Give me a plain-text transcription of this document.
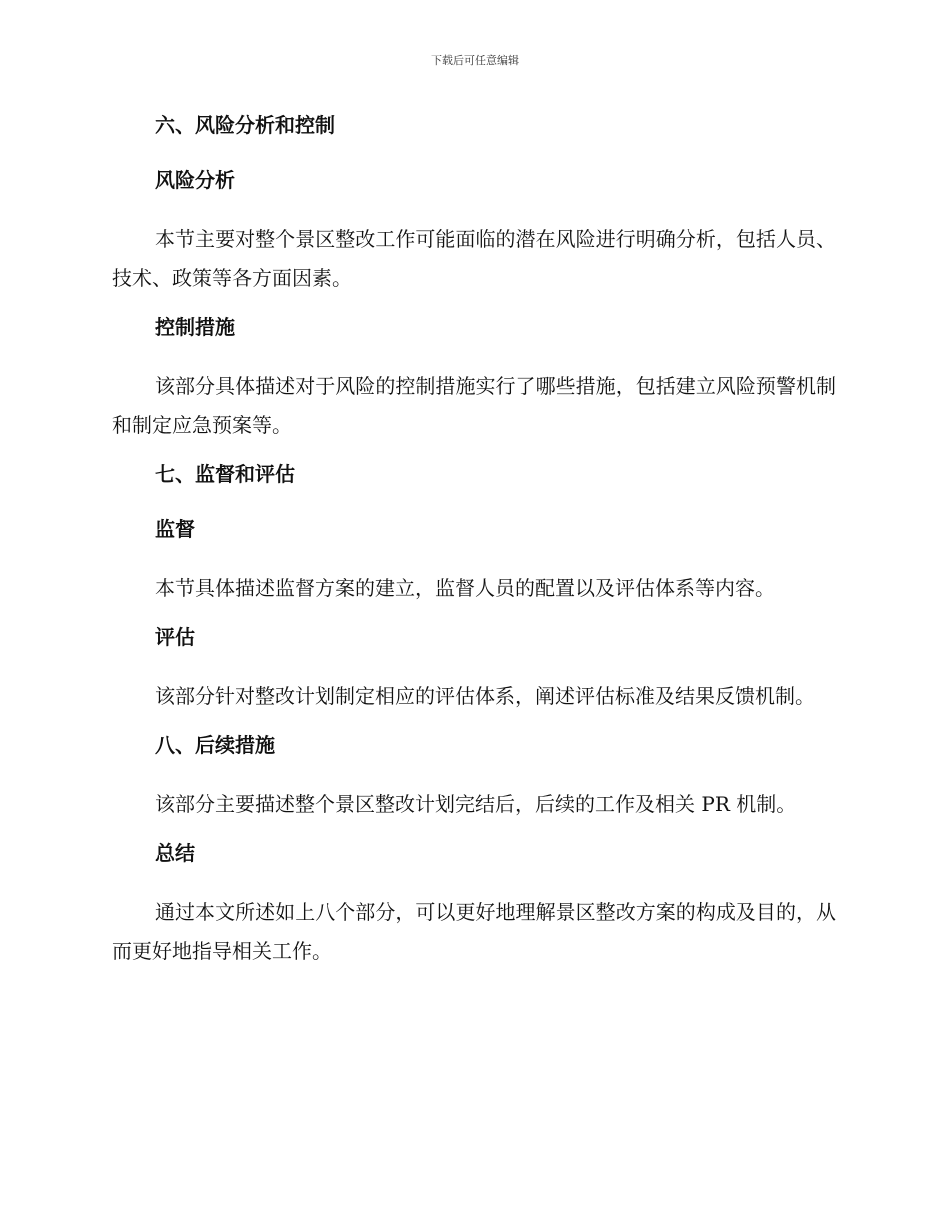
下载后可任意编辑
六、风险分析和控制
风险分析
本节主要对整个景区整改工作可能面临的潜在风险进行明确分析，包括人员、技术、政策等各方面因素。
控制措施
该部分具体描述对于风险的控制措施实行了哪些措施，包括建立风险预警机制和制定应急预案等。
七、监督和评估
监督
本节具体描述监督方案的建立，监督人员的配置以及评估体系等内容。
评估
该部分针对整改计划制定相应的评估体系，阐述评估标准及结果反馈机制。
八、后续措施
该部分主要描述整个景区整改计划完结后，后续的工作及相关 PR 机制。
总结
通过本文所述如上八个部分，可以更好地理解景区整改方案的构成及目的，从而更好地指导相关工作。
